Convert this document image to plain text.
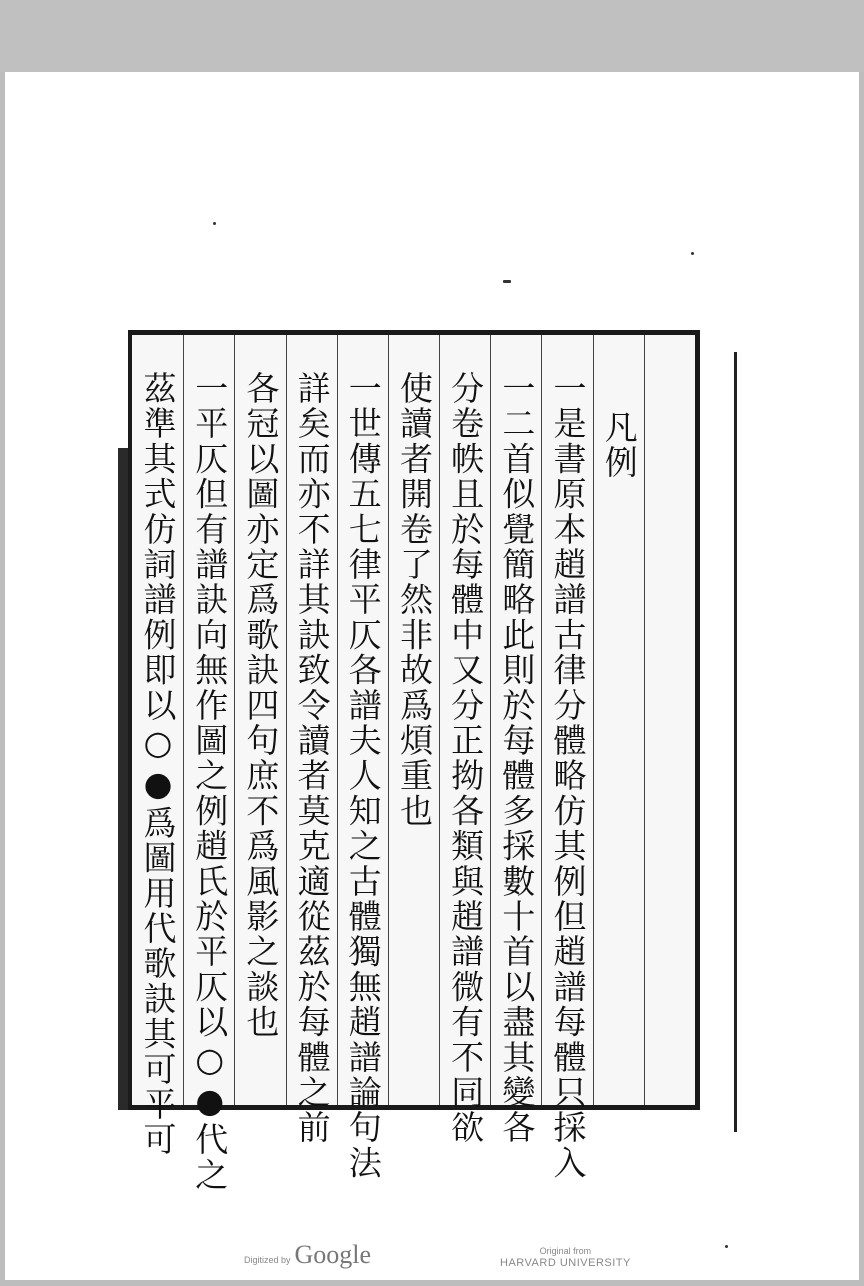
凡例
一是書原本趙譜古律分體略仿其例但趙譜每體只採入
一二首似覺簡略此則於每體多採數十首以盡其變各
分卷帙且於每體中又分正拗各類與趙譜微有不同欲
使讀者開卷了然非故爲煩重也
一世傳五七律平仄各譜夫人知之古體獨無趙譜論句法
詳矣而亦不詳其訣致令讀者莫克適從茲於每體之前
各冠以圖亦定爲歌訣四句庶不爲風影之談也
一平仄但有譜訣向無作圖之例趙氏於平仄以○●代之
茲準其式仿詞譜例即以○●爲圖用代歌訣其可平可
Digitized by Google	Original from
HARVARD UNIVERSITY
